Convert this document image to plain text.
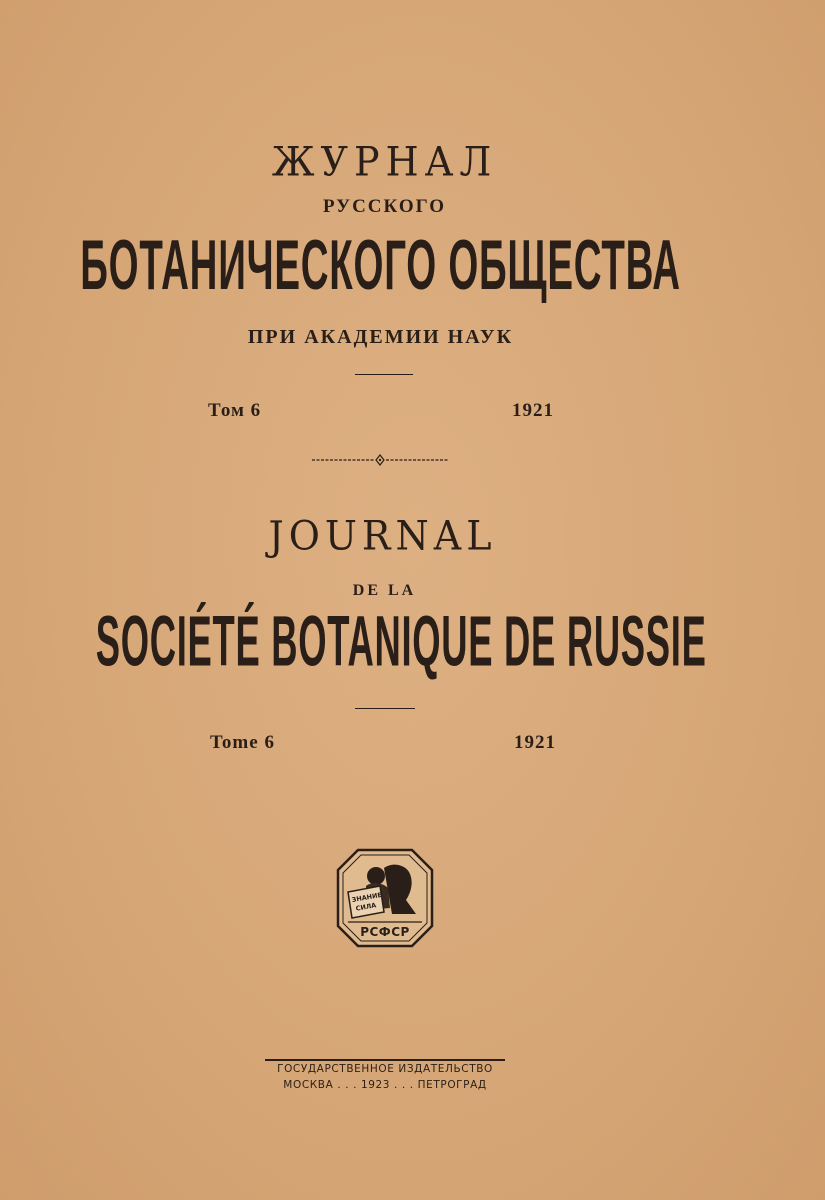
ЖУРНАЛ
РУССКОГО
БОТАНИЧЕСКОГО ОБЩЕСТВА
ПРИ АКАДЕМИИ НАУК
Том 6	1921
JOURNAL
DE LA
SOCIÉTÉ BOTANIQUE DE RUSSIE
Tome 6	1921
ЗНАНИЕ
СИЛА
РСФСР
ГОСУДАРСТВЕННОЕ ИЗДАТЕЛЬСТВО
МОСКВА . . . 1923 . . . ПЕТРОГРАД
